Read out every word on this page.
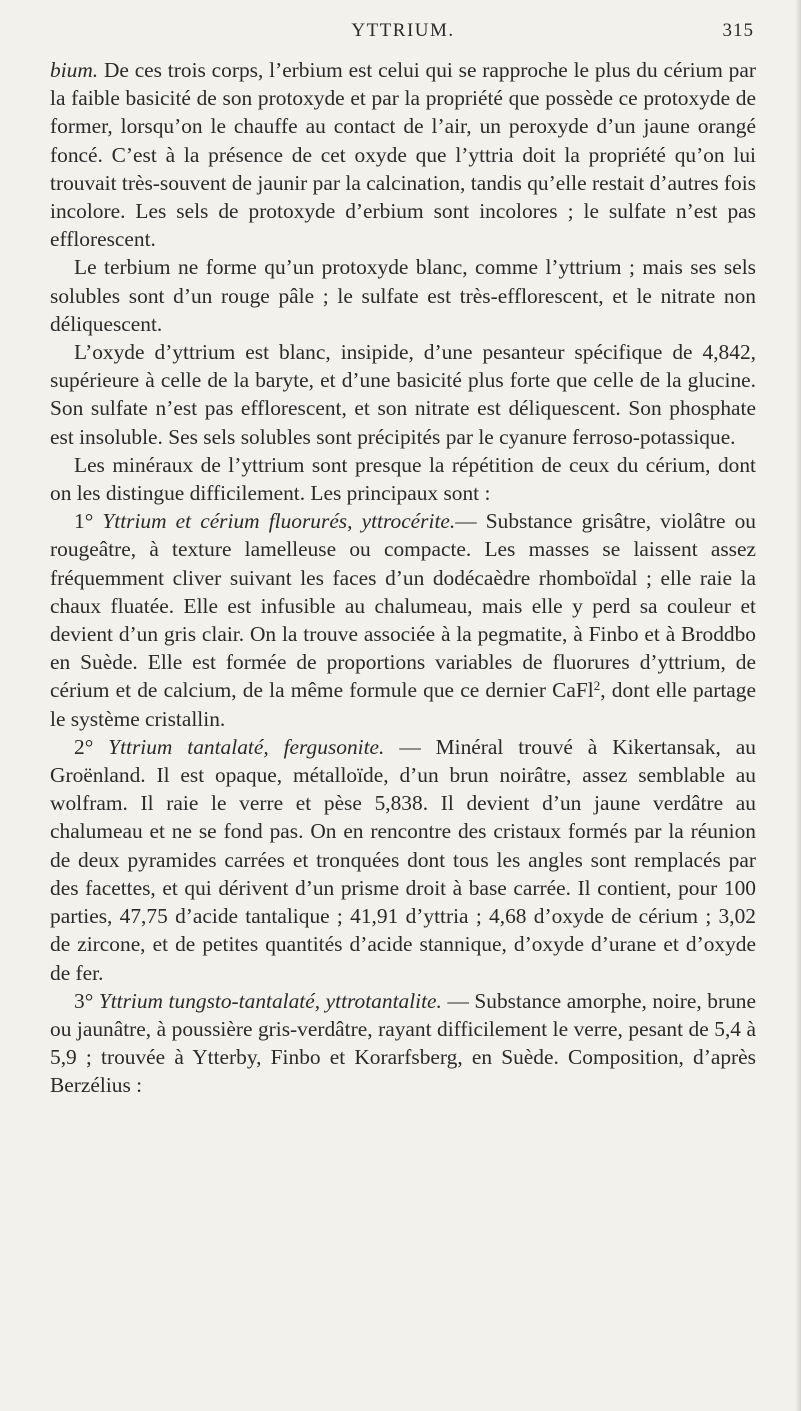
YTTRIUM.	315

bium. De ces trois corps, l’erbium est celui qui se rapproche le plus du cérium par la faible basicité de son protoxyde et par la propriété que possède ce protoxyde de former, lorsqu’on le chauffe au contact de l’air, un peroxyde d’un jaune orangé foncé. C’est à la présence de cet oxyde que l’yttria doit la propriété qu’on lui trouvait très-souvent de jaunir par la calcination, tandis qu’elle restait d’autres fois incolore. Les sels de protoxyde d’erbium sont incolores ; le sulfate n’est pas efflorescent.

Le terbium ne forme qu’un protoxyde blanc, comme l’yttrium ; mais ses sels solubles sont d’un rouge pâle ; le sulfate est très-efflorescent, et le nitrate non déliquescent.

L’oxyde d’yttrium est blanc, insipide, d’une pesanteur spécifique de 4,842, supérieure à celle de la baryte, et d’une basicité plus forte que celle de la glucine. Son sulfate n’est pas efflorescent, et son nitrate est déliquescent. Son phosphate est insoluble. Ses sels solubles sont précipités par le cyanure ferroso-potassique.

Les minéraux de l’yttrium sont presque la répétition de ceux du cérium, dont on les distingue difficilement. Les principaux sont :

1° Yttrium et cérium fluorurés, yttrocérite.— Substance grisâtre, violâtre ou rougeâtre, à texture lamelleuse ou compacte. Les masses se laissent assez fréquemment cliver suivant les faces d’un dodécaèdre rhomboïdal ; elle raie la chaux fluatée. Elle est infusible au chalumeau, mais elle y perd sa couleur et devient d’un gris clair. On la trouve associée à la pegmatite, à Finbo et à Broddbo en Suède. Elle est formée de proportions variables de fluorures d’yttrium, de cérium et de calcium, de la même formule que ce dernier CaFl$^2$, dont elle partage le système cristallin.

2° Yttrium tantalaté, fergusonite. — Minéral trouvé à Kikertansak, au Groënland. Il est opaque, métalloïde, d’un brun noirâtre, assez semblable au wolfram. Il raie le verre et pèse 5,838. Il devient d’un jaune verdâtre au chalumeau et ne se fond pas. On en rencontre des cristaux formés par la réunion de deux pyramides carrées et tronquées dont tous les angles sont remplacés par des facettes, et qui dérivent d’un prisme droit à base carrée. Il contient, pour 100 parties, 47,75 d’acide tantalique ; 41,91 d’yttria ; 4,68 d’oxyde de cérium ; 3,02 de zircone, et de petites quantités d’acide stannique, d’oxyde d’urane et d’oxyde de fer.

3° Yttrium tungsto-tantalaté, yttrotantalite. — Substance amorphe, noire, brune ou jaunâtre, à poussière gris-verdâtre, rayant difficilement le verre, pesant de 5,4 à 5,9 ; trouvée à Ytterby, Finbo et Korarfsberg, en Suède. Composition, d’après Berzélius :
